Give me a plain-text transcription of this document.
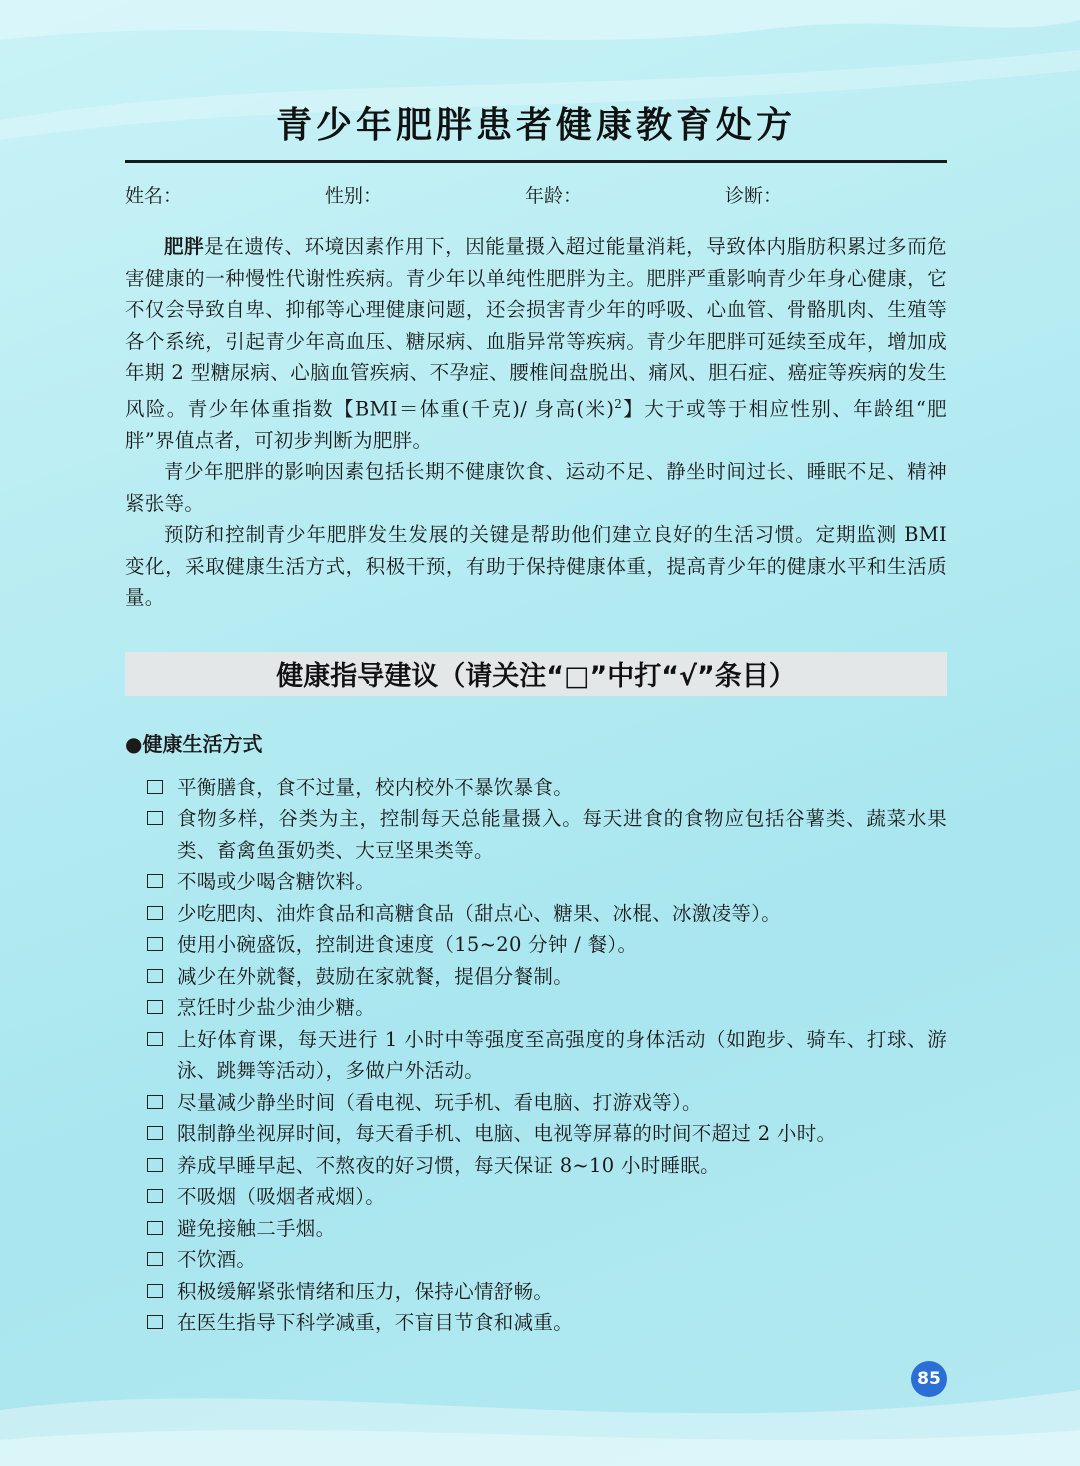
青少年肥胖患者健康教育处方
姓名：	性别：	年龄：	诊断：

肥胖是在遗传、环境因素作用下，因能量摄入超过能量消耗，导致体内脂肪积累过多而危害健康的一种慢性代谢性疾病。青少年以单纯性肥胖为主。肥胖严重影响青少年身心健康，它不仅会导致自卑、抑郁等心理健康问题，还会损害青少年的呼吸、心血管、骨骼肌肉、生殖等各个系统，引起青少年高血压、糖尿病、血脂异常等疾病。青少年肥胖可延续至成年，增加成年期 2 型糖尿病、心脑血管疾病、不孕症、腰椎间盘脱出、痛风、胆石症、癌症等疾病的发生风险。青少年体重指数【BMI＝体重(千克)/ 身高(米)$^2$】大于或等于相应性别、年龄组“肥胖”界值点者，可初步判断为肥胖。

青少年肥胖的影响因素包括长期不健康饮食、运动不足、静坐时间过长、睡眠不足、精神紧张等。

预防和控制青少年肥胖发生发展的关键是帮助他们建立良好的生活习惯。定期监测 BMI 变化，采取健康生活方式，积极干预，有助于保持健康体重，提高青少年的健康水平和生活质量。

健康指导建议（请关注“□”中打“√”条目）
●健康生活方式
平衡膳食，食不过量，校内校外不暴饮暴食。
食物多样，谷类为主，控制每天总能量摄入。每天进食的食物应包括谷薯类、蔬菜水果类、畜禽鱼蛋奶类、大豆坚果类等。
不喝或少喝含糖饮料。
少吃肥肉、油炸食品和高糖食品（甜点心、糖果、冰棍、冰激凌等）。
使用小碗盛饭，控制进食速度（15~20 分钟 / 餐）。
减少在外就餐，鼓励在家就餐，提倡分餐制。
烹饪时少盐少油少糖。
上好体育课，每天进行 1 小时中等强度至高强度的身体活动（如跑步、骑车、打球、游泳、跳舞等活动），多做户外活动。
尽量减少静坐时间（看电视、玩手机、看电脑、打游戏等）。
限制静坐视屏时间，每天看手机、电脑、电视等屏幕的时间不超过 2 小时。
养成早睡早起、不熬夜的好习惯，每天保证 8~10 小时睡眠。
不吸烟（吸烟者戒烟）。
避免接触二手烟。
不饮酒。
积极缓解紧张情绪和压力，保持心情舒畅。
在医生指导下科学减重，不盲目节食和减重。
85
